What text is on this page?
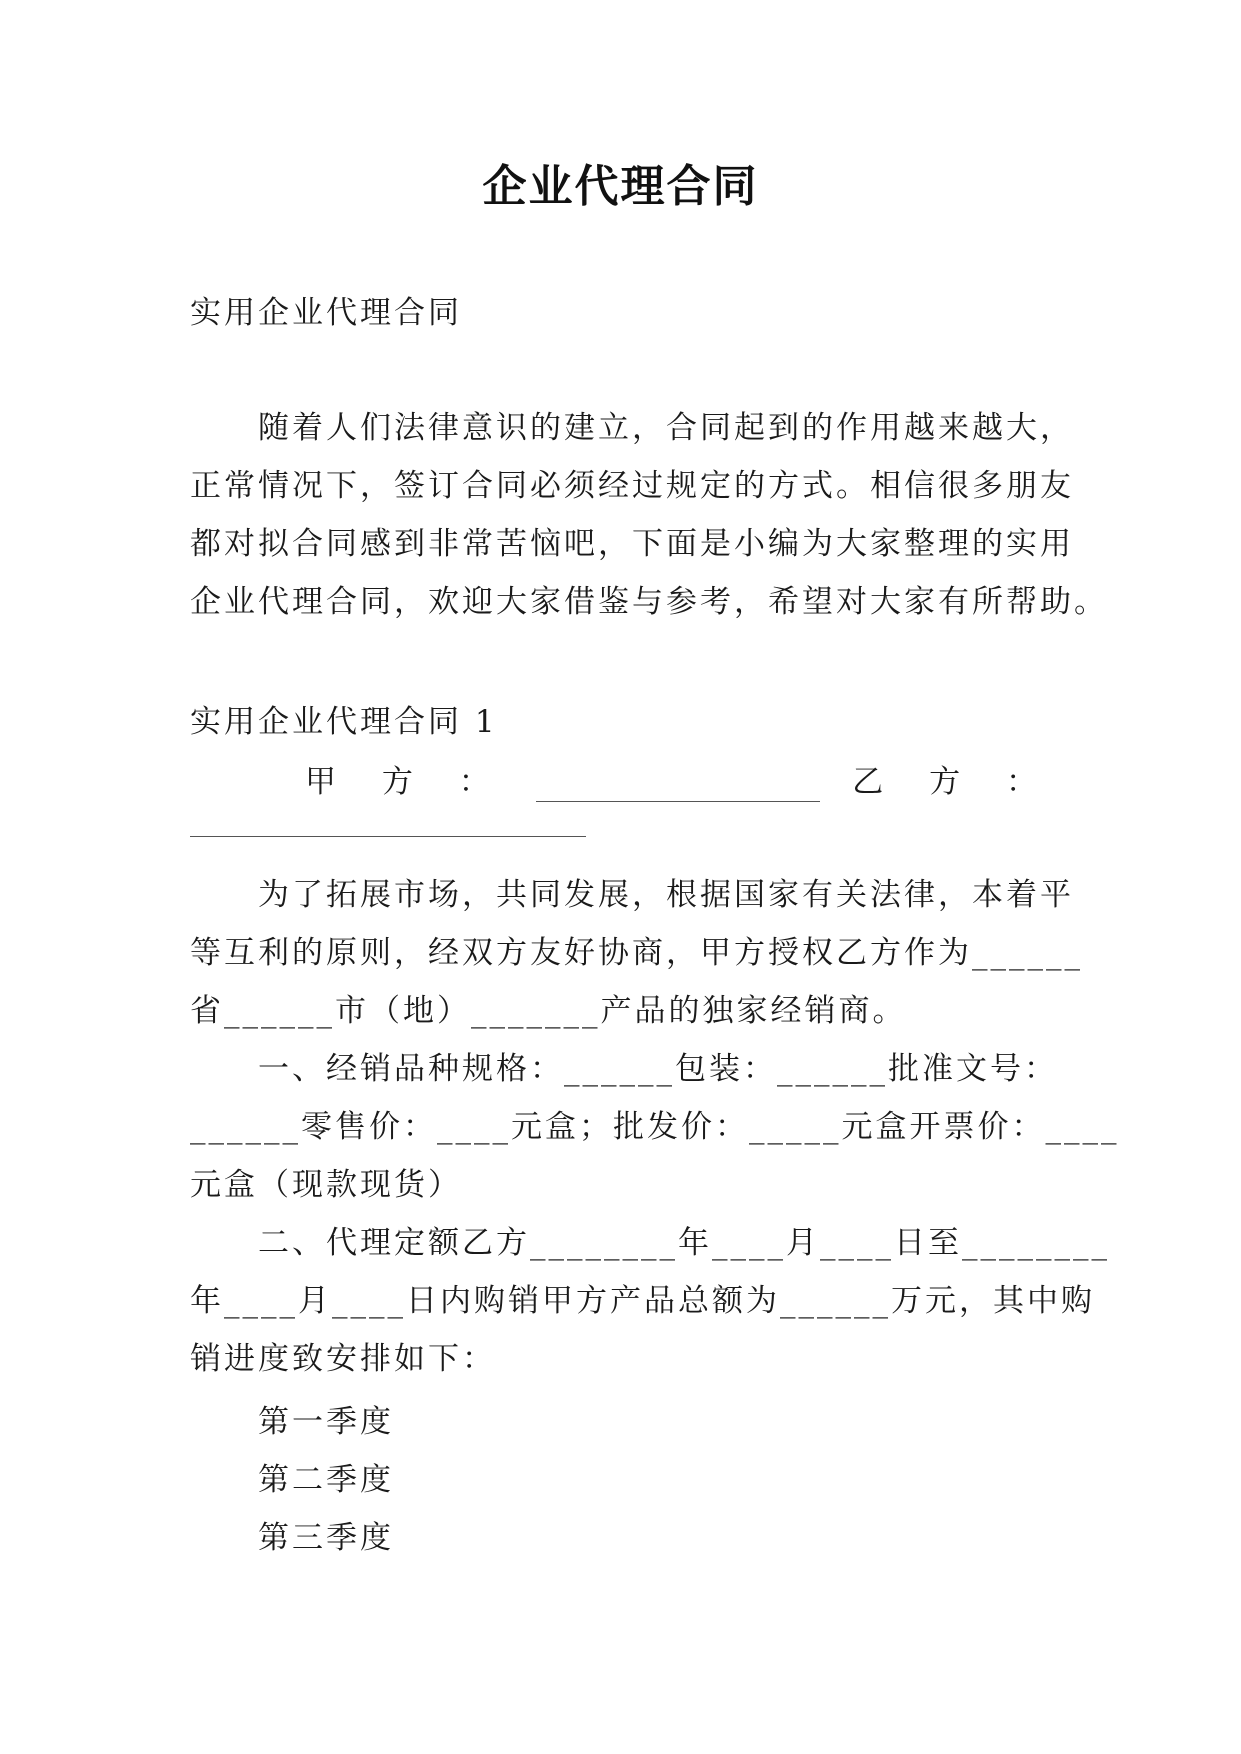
企业代理合同
实用企业代理合同
随着人们法律意识的建立，合同起到的作用越来越大，
正常情况下，签订合同必须经过规定的方式。相信很多朋友
都对拟合同感到非常苦恼吧，下面是小编为大家整理的实用
企业代理合同，欢迎大家借鉴与参考，希望对大家有所帮助。
实用企业代理合同 1
甲 方 ：	乙 方 ：
为了拓展市场，共同发展，根据国家有关法律，本着平
等互利的原则，经双方友好协商，甲方授权乙方作为______
省______市（地）_______产品的独家经销商。
一、经销品种规格：______包装：______批准文号：
______零售价：____元盒；批发价：_____元盒开票价：____
元盒（现款现货）
二、代理定额乙方________年____月____日至________
年____月____日内购销甲方产品总额为______万元，其中购
销进度致安排如下：
第一季度
第二季度
第三季度
